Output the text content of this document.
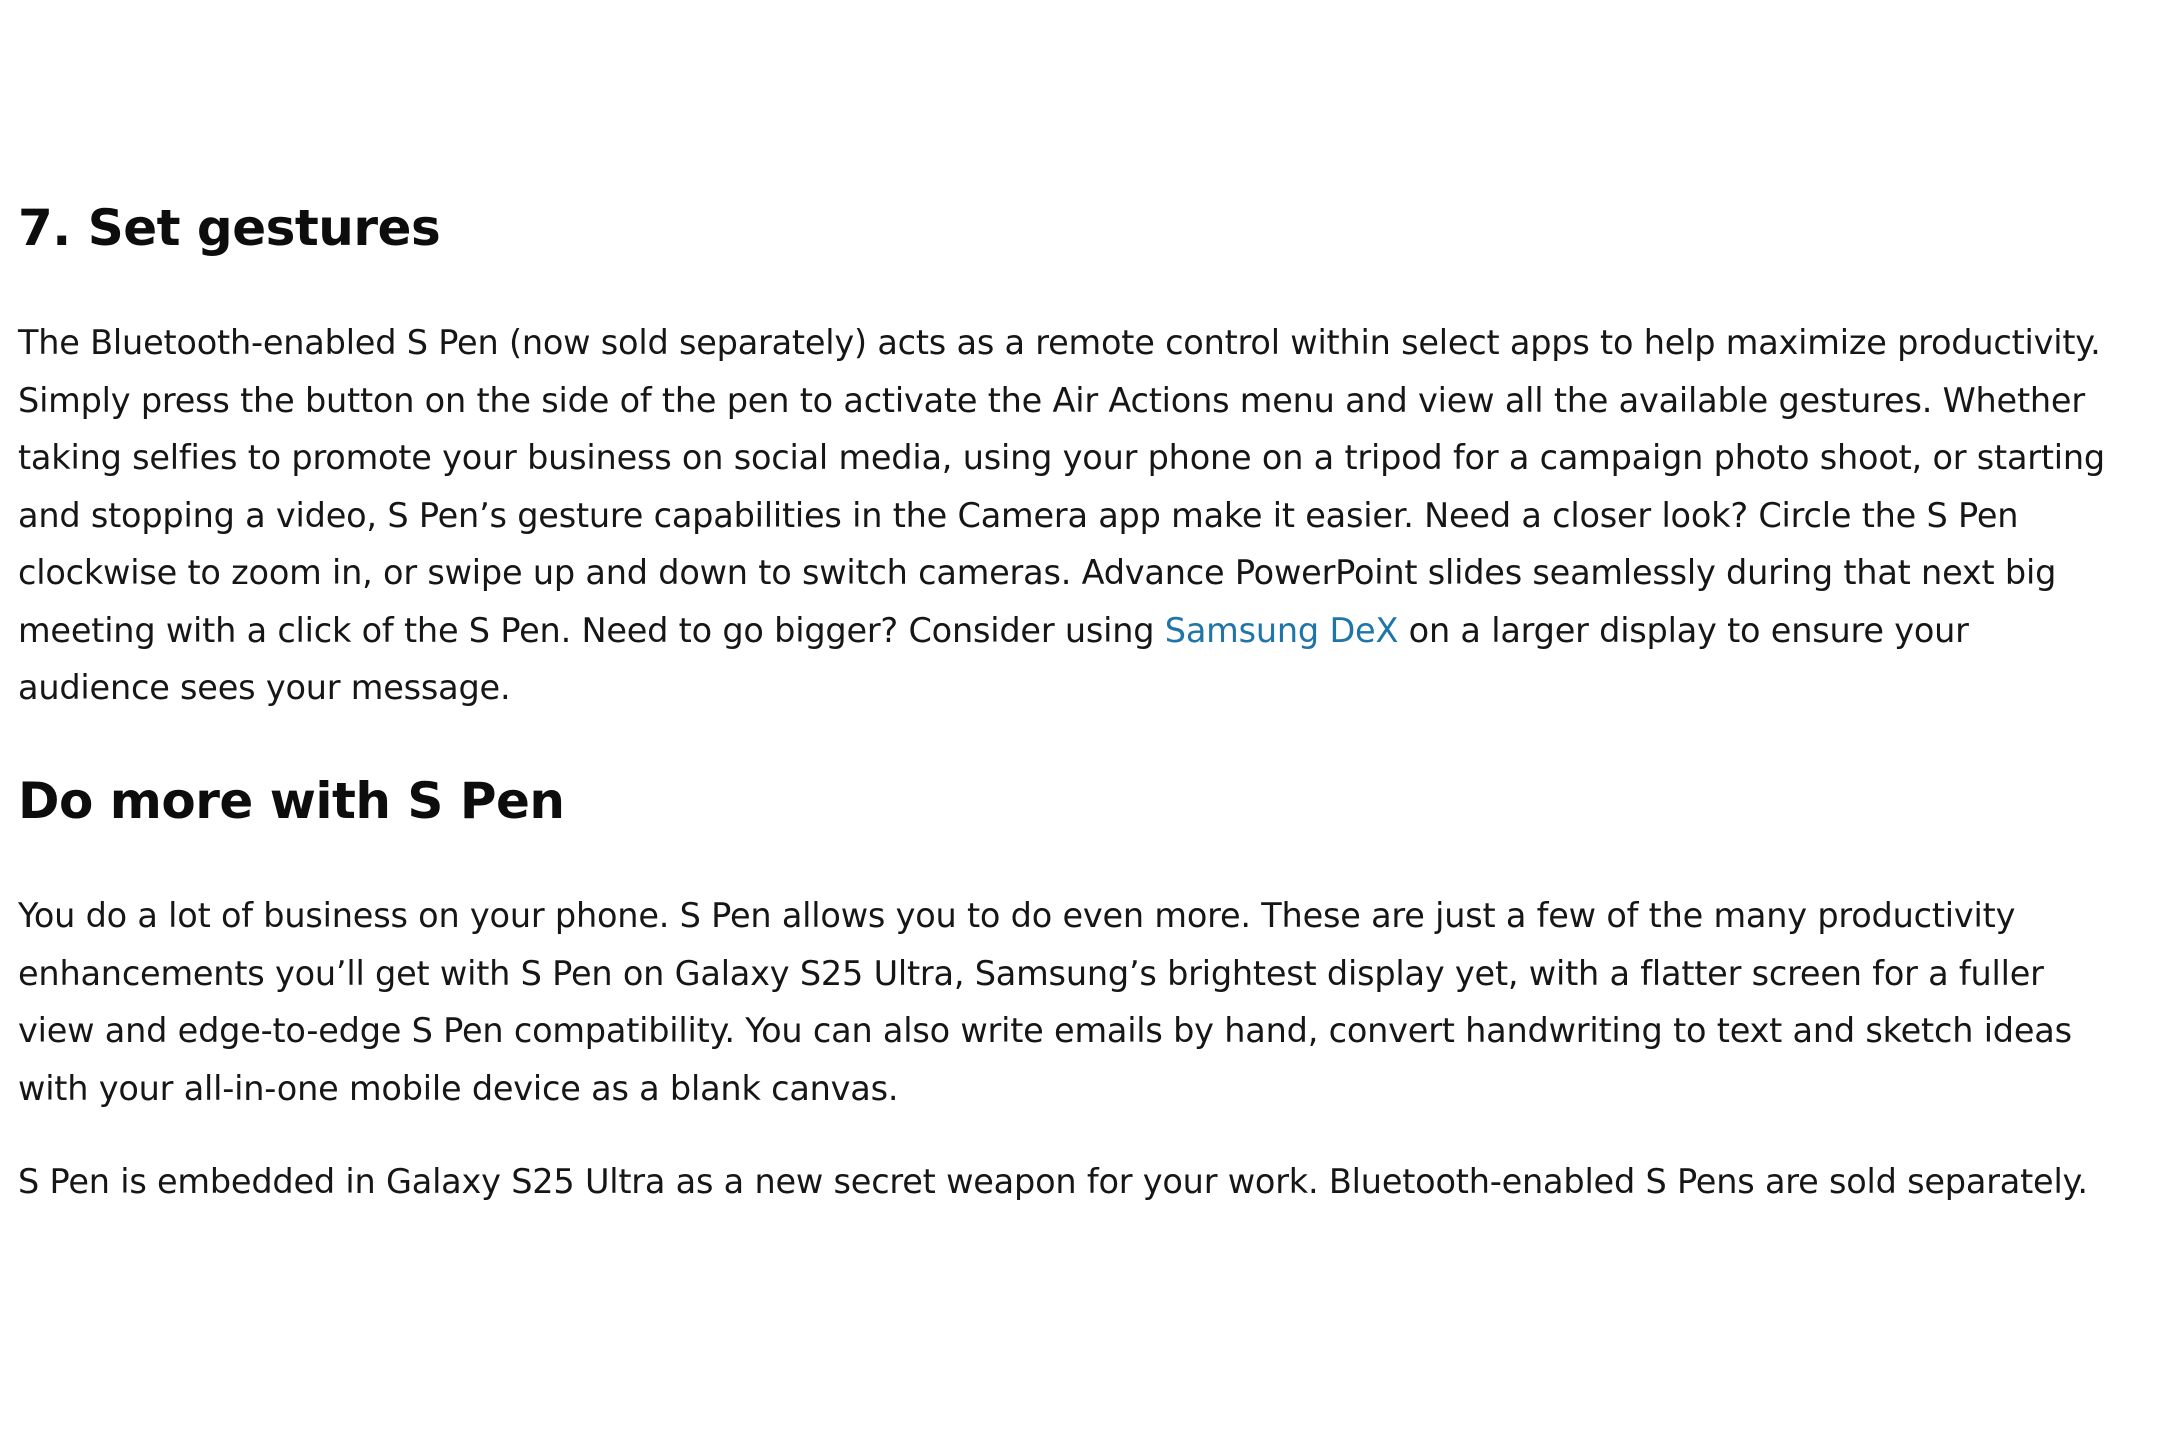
7. Set gestures

The Bluetooth-enabled S Pen (now sold separately) acts as a remote control within select apps to help maximize productivity. Simply press the button on the side of the pen to activate the Air Actions menu and view all the available gestures. Whether taking selfies to promote your business on social media, using your phone on a tripod for a campaign photo shoot, or starting and stopping a video, S Pen’s gesture capabilities in the Camera app make it easier. Need a closer look? Circle the S Pen clockwise to zoom in, or swipe up and down to switch cameras. Advance PowerPoint slides seamlessly during that next big meeting with a click of the S Pen. Need to go bigger? Consider using Samsung DeX on a larger display to ensure your audience sees your message.

Do more with S Pen

You do a lot of business on your phone. S Pen allows you to do even more. These are just a few of the many productivity enhancements you’ll get with S Pen on Galaxy S25 Ultra, Samsung’s brightest display yet, with a flatter screen for a fuller view and edge-to-edge S Pen compatibility. You can also write emails by hand, convert handwriting to text and sketch ideas with your all-in-one mobile device as a blank canvas.

S Pen is embedded in Galaxy S25 Ultra as a new secret weapon for your work. Bluetooth-enabled S Pens are sold separately.
